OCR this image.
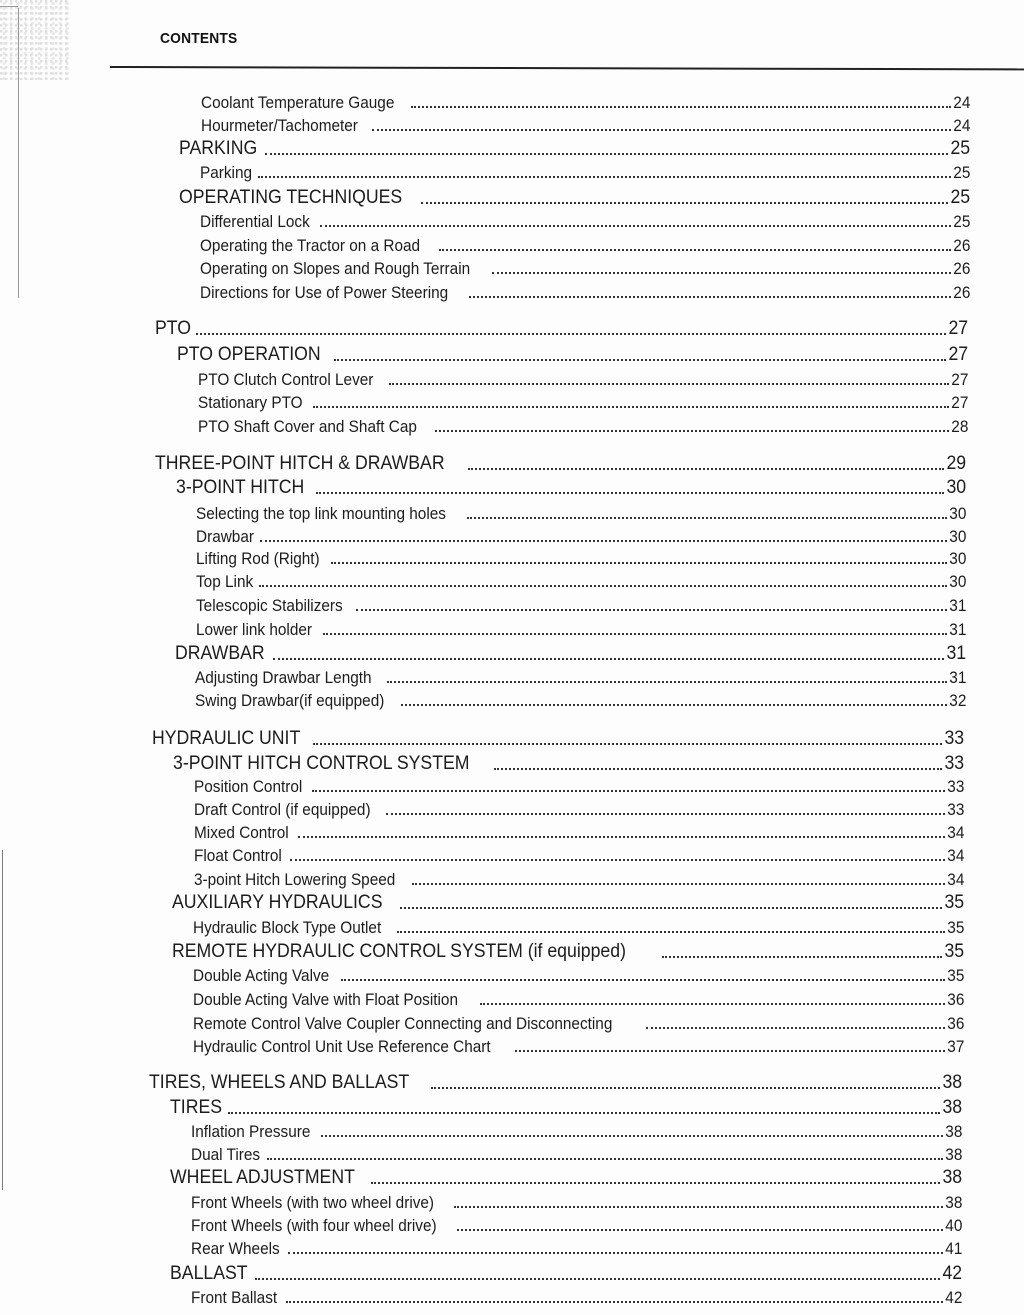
CONTENTS
Coolant Temperature Gauge	24
Hourmeter/Tachometer	24
PARKING	25
Parking	25
OPERATING TECHNIQUES	25
Differential Lock	25
Operating the Tractor on a Road	26
Operating on Slopes and Rough Terrain	26
Directions for Use of Power Steering	26
PTO	27
PTO OPERATION	27
PTO Clutch Control Lever	27
Stationary PTO	27
PTO Shaft Cover and Shaft Cap	28
THREE-POINT HITCH & DRAWBAR	29
3-POINT HITCH	30
Selecting the top link mounting holes	30
Drawbar	30
Lifting Rod (Right)	30
Top Link	30
Telescopic Stabilizers	31
Lower link holder	31
DRAWBAR	31
Adjusting Drawbar Length	31
Swing Drawbar(if equipped)	32
HYDRAULIC UNIT	33
3-POINT HITCH CONTROL SYSTEM	33
Position Control	33
Draft Control (if equipped)	33
Mixed Control	34
Float Control	34
3-point Hitch Lowering Speed	34
AUXILIARY HYDRAULICS	35
Hydraulic Block Type Outlet	35
REMOTE HYDRAULIC CONTROL SYSTEM (if equipped)	35
Double Acting Valve	35
Double Acting Valve with Float Position	36
Remote Control Valve Coupler Connecting and Disconnecting	36
Hydraulic Control Unit Use Reference Chart	37
TIRES, WHEELS AND BALLAST	38
TIRES	38
Inflation Pressure	38
Dual Tires	38
WHEEL ADJUSTMENT	38
Front Wheels (with two wheel drive)	38
Front Wheels (with four wheel drive)	40
Rear Wheels	41
BALLAST	42
Front Ballast	42
